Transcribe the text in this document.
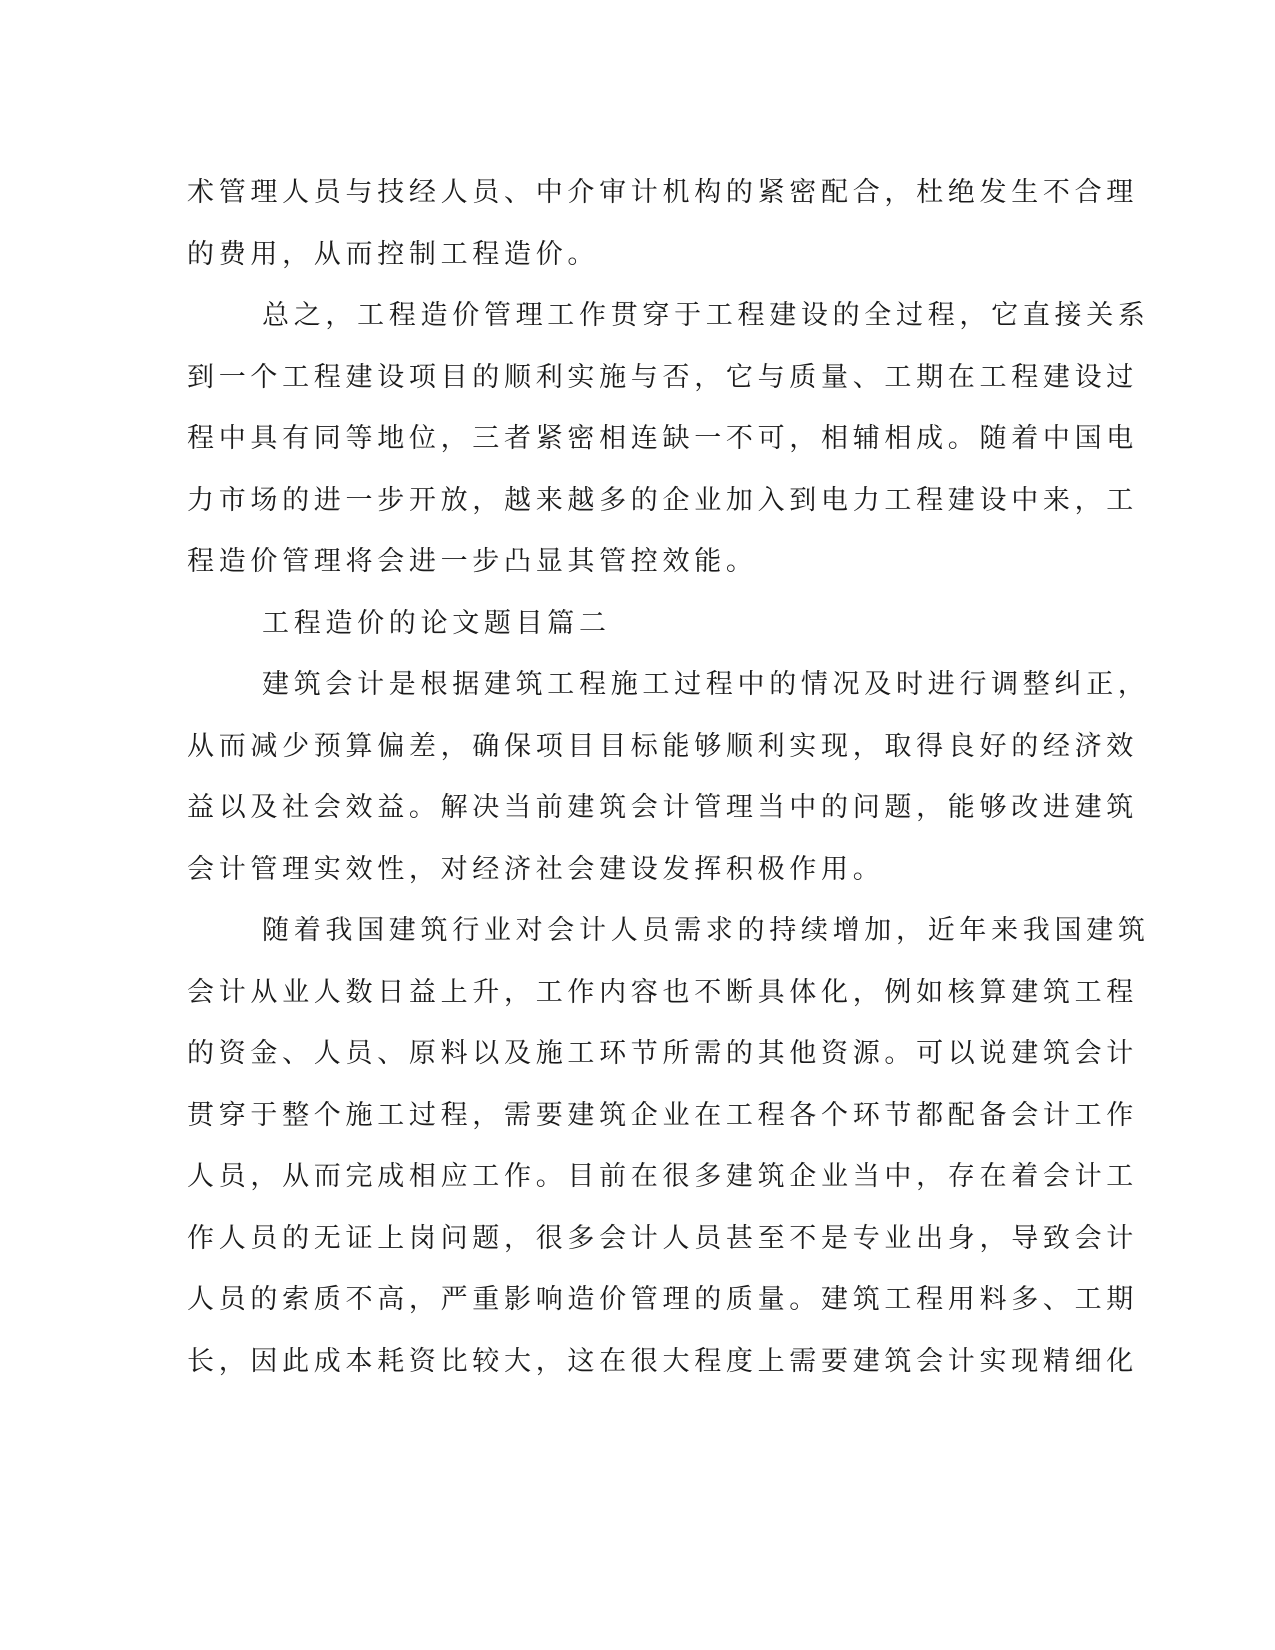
术管理人员与技经人员、中介审计机构的紧密配合，杜绝发生不合理
的费用，从而控制工程造价。
总之，工程造价管理工作贯穿于工程建设的全过程，它直接关系
到一个工程建设项目的顺利实施与否，它与质量、工期在工程建设过
程中具有同等地位，三者紧密相连缺一不可，相辅相成。随着中国电
力市场的进一步开放，越来越多的企业加入到电力工程建设中来，工
程造价管理将会进一步凸显其管控效能。
工程造价的论文题目篇二
建筑会计是根据建筑工程施工过程中的情况及时进行调整纠正，
从而减少预算偏差，确保项目目标能够顺利实现，取得良好的经济效
益以及社会效益。解决当前建筑会计管理当中的问题，能够改进建筑
会计管理实效性，对经济社会建设发挥积极作用。
随着我国建筑行业对会计人员需求的持续增加，近年来我国建筑
会计从业人数日益上升，工作内容也不断具体化，例如核算建筑工程
的资金、人员、原料以及施工环节所需的其他资源。可以说建筑会计
贯穿于整个施工过程，需要建筑企业在工程各个环节都配备会计工作
人员，从而完成相应工作。目前在很多建筑企业当中，存在着会计工
作人员的无证上岗问题，很多会计人员甚至不是专业出身，导致会计
人员的索质不高，严重影响造价管理的质量。建筑工程用料多、工期
长，因此成本耗资比较大，这在很大程度上需要建筑会计实现精细化
